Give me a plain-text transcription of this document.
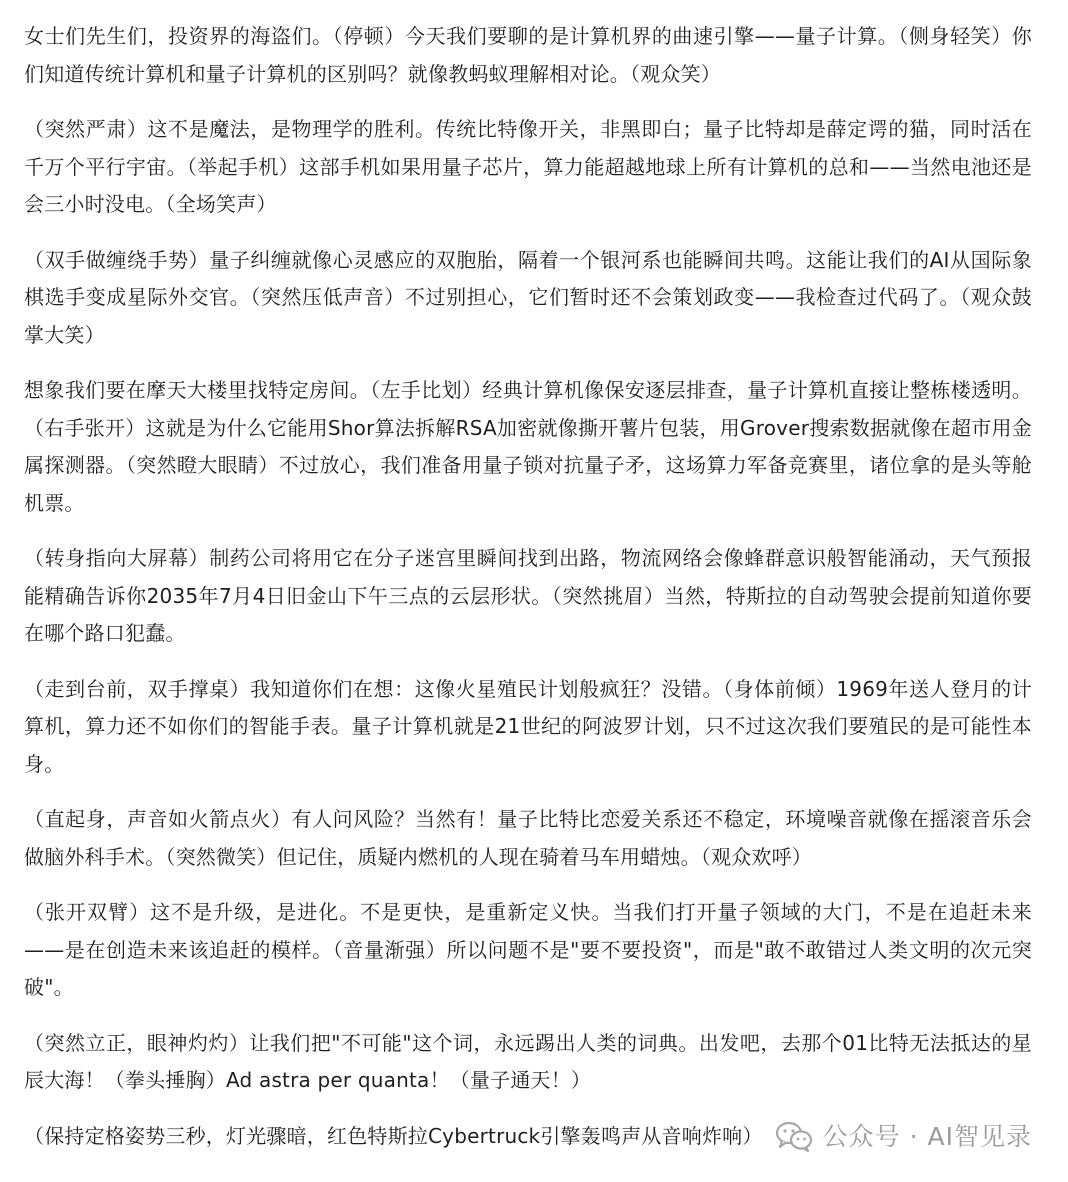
女士们先生们，投资界的海盗们。（停顿）今天我们要聊的是计算机界的曲速引擎——量子计算。（侧身轻笑）你们知道传统计算机和量子计算机的区别吗？就像教蚂蚁理解相对论。（观众笑）

（突然严肃）这不是魔法，是物理学的胜利。传统比特像开关，非黑即白；量子比特却是薛定谔的猫，同时活在千万个平行宇宙。（举起手机）这部手机如果用量子芯片，算力能超越地球上所有计算机的总和——当然电池还是会三小时没电。（全场笑声）

（双手做缠绕手势）量子纠缠就像心灵感应的双胞胎，隔着一个银河系也能瞬间共鸣。这能让我们的AI从国际象棋选手变成星际外交官。（突然压低声音）不过别担心，它们暂时还不会策划政变——我检查过代码了。（观众鼓掌大笑）

想象我们要在摩天大楼里找特定房间。（左手比划）经典计算机像保安逐层排查，量子计算机直接让整栋楼透明。（右手张开）这就是为什么它能用Shor算法拆解RSA加密就像撕开薯片包装，用Grover搜索数据就像在超市用金属探测器。（突然瞪大眼睛）不过放心，我们准备用量子锁对抗量子矛，这场算力军备竞赛里，诸位拿的是头等舱机票。

（转身指向大屏幕）制药公司将用它在分子迷宫里瞬间找到出路，物流网络会像蜂群意识般智能涌动，天气预报能精确告诉你2035年7月4日旧金山下午三点的云层形状。（突然挑眉）当然，特斯拉的自动驾驶会提前知道你要在哪个路口犯蠢。

（走到台前，双手撑桌）我知道你们在想：这像火星殖民计划般疯狂？没错。（身体前倾）1969年送人登月的计算机，算力还不如你们的智能手表。量子计算机就是21世纪的阿波罗计划，只不过这次我们要殖民的是可能性本身。

（直起身，声音如火箭点火）有人问风险？当然有！量子比特比恋爱关系还不稳定，环境噪音就像在摇滚音乐会做脑外科手术。（突然微笑）但记住，质疑内燃机的人现在骑着马车用蜡烛。（观众欢呼）

（张开双臂）这不是升级，是进化。不是更快，是重新定义快。当我们打开量子领域的大门，不是在追赶未来——是在创造未来该追赶的模样。（音量渐强）所以问题不是"要不要投资"，而是"敢不敢错过人类文明的次元突破"。

（突然立正，眼神灼灼）让我们把"不可能"这个词，永远踢出人类的词典。出发吧，去那个01比特无法抵达的星辰大海！（拳头捶胸）Ad astra per quanta！（量子通天！）

（保持定格姿势三秒，灯光骤暗，红色特斯拉Cybertruck引擎轰鸣声从音响炸响）	公众号 · AI智见录
